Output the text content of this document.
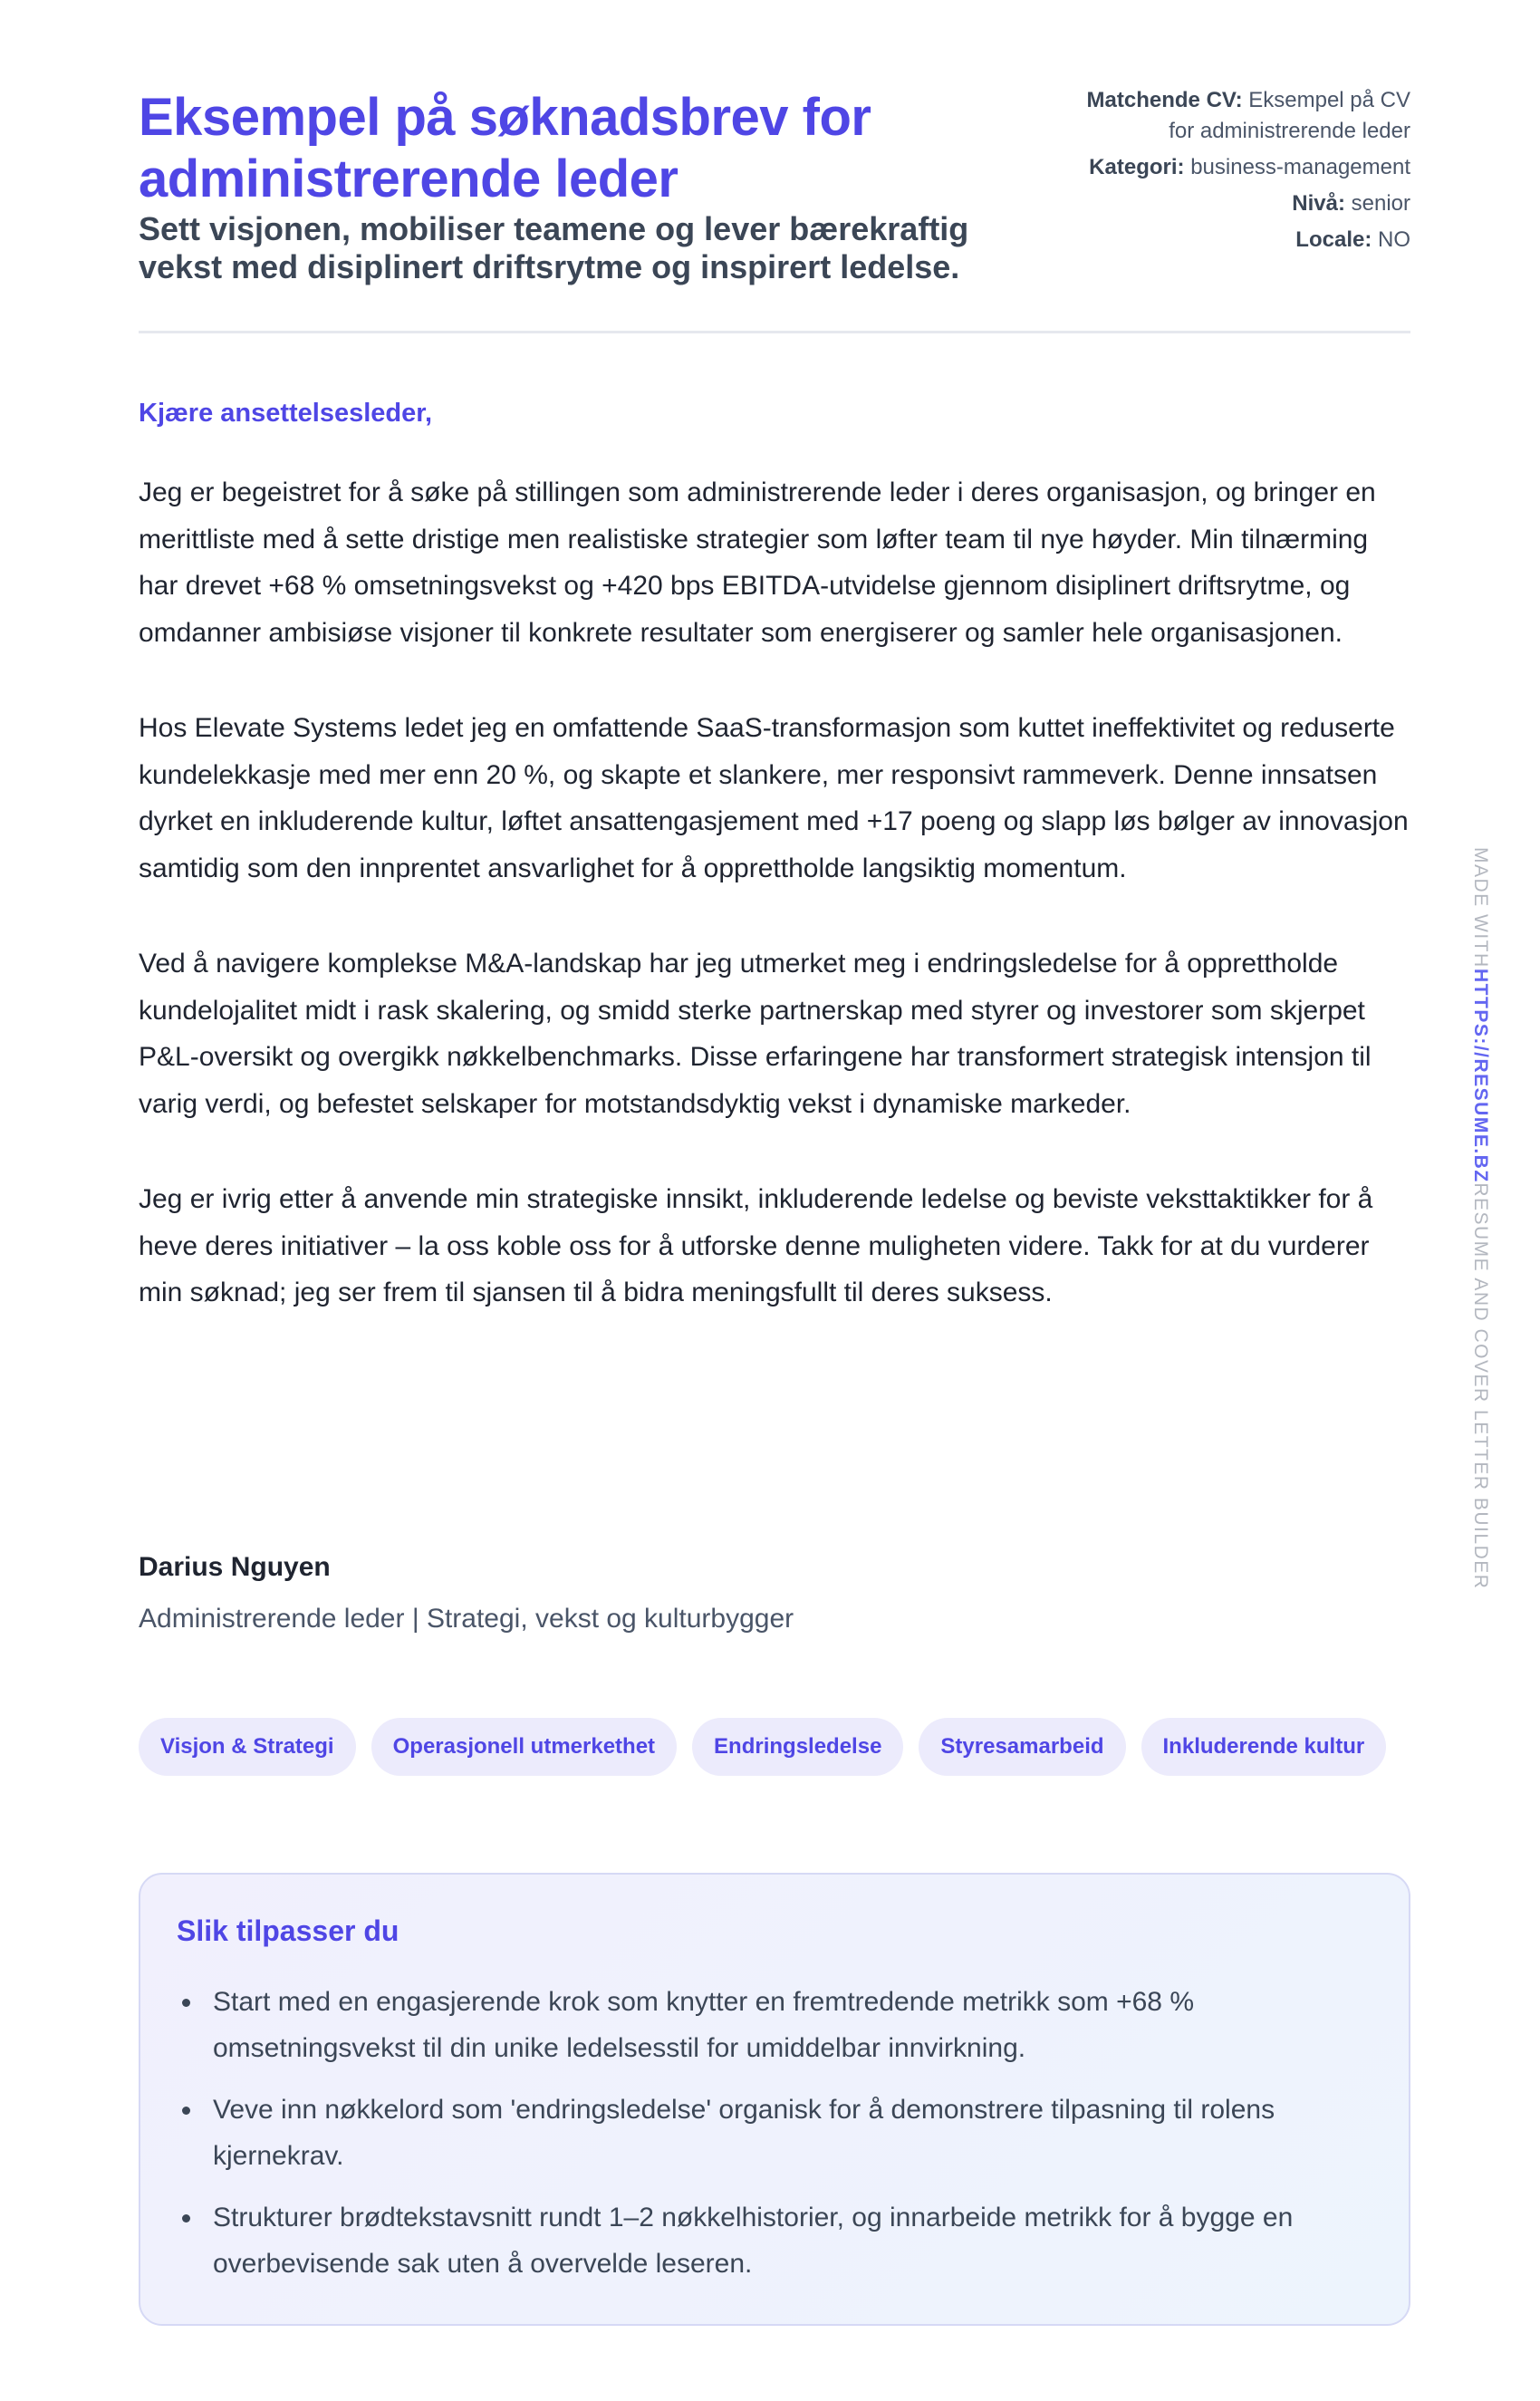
Eksempel på søknadsbrev for administrerende leder
Sett visjonen, mobiliser teamene og lever bærekraftig vekst med disiplinert driftsrytme og inspirert ledelse.
Matchende CV: Eksempel på CV for administrerende leder
Kategori: business-management
Nivå: senior
Locale: NO
Kjære ansettelsesleder,

Jeg er begeistret for å søke på stillingen som administrerende leder i deres organisasjon, og bringer en merittliste med å sette dristige men realistiske strategier som løfter team til nye høyder. Min tilnærming har drevet +68 % omsetningsvekst og +420 bps EBITDA-utvidelse gjennom disiplinert driftsrytme, og omdanner ambisiøse visjoner til konkrete resultater som energiserer og samler hele organisasjonen.

Hos Elevate Systems ledet jeg en omfattende SaaS-transformasjon som kuttet ineffektivitet og reduserte kundelekkasje med mer enn 20 %, og skapte et slankere, mer responsivt rammeverk. Denne innsatsen dyrket en inkluderende kultur, løftet ansattengasjement med +17 poeng og slapp løs bølger av innovasjon samtidig som den innprentet ansvarlighet for å opprettholde langsiktig momentum.

Ved å navigere komplekse M&A-landskap har jeg utmerket meg i endringsledelse for å opprettholde kundelojalitet midt i rask skalering, og smidd sterke partnerskap med styrer og investorer som skjerpet P&L-oversikt og overgikk nøkkelbenchmarks. Disse erfaringene har transformert strategisk intensjon til varig verdi, og befestet selskaper for motstandsdyktig vekst i dynamiske markeder.

Jeg er ivrig etter å anvende min strategiske innsikt, inkluderende ledelse og beviste veksttaktikker for å heve deres initiativer – la oss koble oss for å utforske denne muligheten videre. Takk for at du vurderer min søknad; jeg ser frem til sjansen til å bidra meningsfullt til deres suksess.

Darius Nguyen
Administrerende leder | Strategi, vekst og kulturbygger
Visjon & Strategi	Operasjonell utmerkethet	Endringsledelse	Styresamarbeid	Inkluderende kultur
Slik tilpasser du
Start med en engasjerende krok som knytter en fremtredende metrikk som +68 % omsetningsvekst til din unike ledelsesstil for umiddelbar innvirkning.
Veve inn nøkkelord som 'endringsledelse' organisk for å demonstrere tilpasning til rolens kjernekrav.
Strukturer brødtekstavsnitt rundt 1–2 nøkkelhistorier, og innarbeide metrikk for å bygge en overbevisende sak uten å overvelde leseren.
MADE WITHHTTPS://RESUME.BZRESUME AND COVER LETTER BUILDER
